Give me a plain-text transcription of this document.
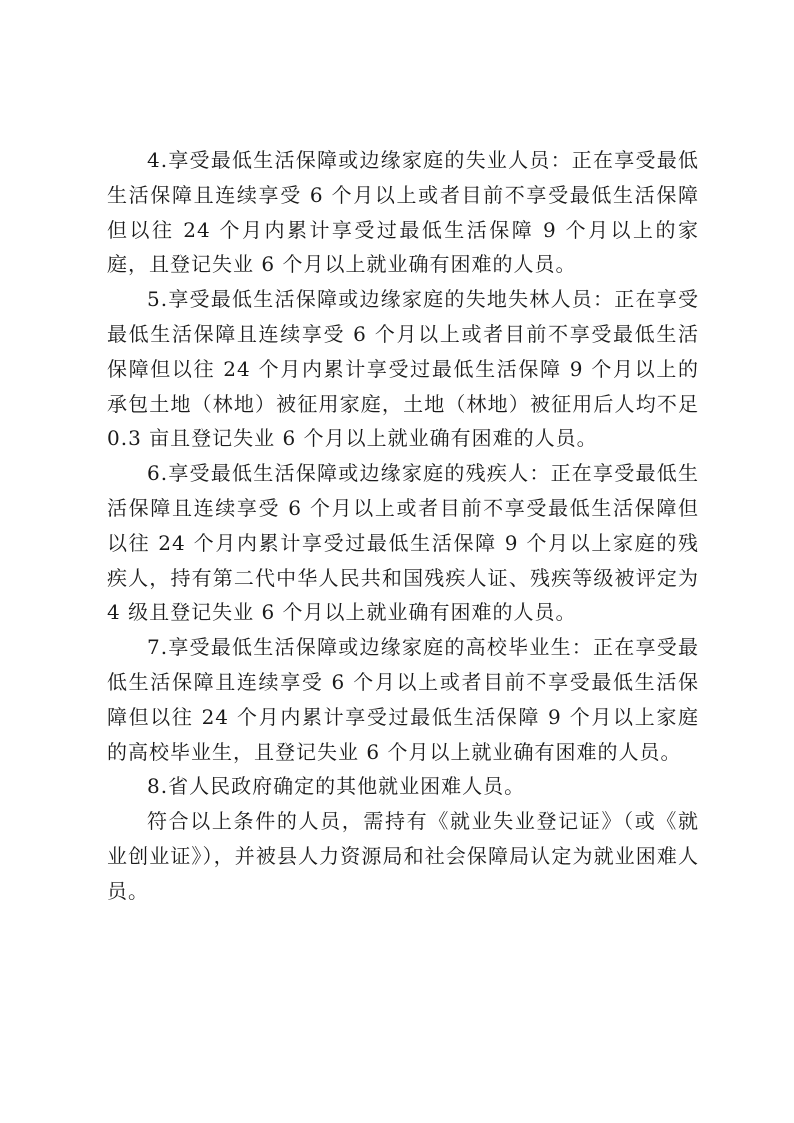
4.享受最低生活保障或边缘家庭的失业人员：正在享受最低生活保障且连续享受 6 个月以上或者目前不享受最低生活保障但以往 24 个月内累计享受过最低生活保障 9 个月以上的家庭，且登记失业 6 个月以上就业确有困难的人员。

5.享受最低生活保障或边缘家庭的失地失林人员：正在享受最低生活保障且连续享受 6 个月以上或者目前不享受最低生活保障但以往 24 个月内累计享受过最低生活保障 9 个月以上的承包土地（林地）被征用家庭，土地（林地）被征用后人均不足 0.3 亩且登记失业 6 个月以上就业确有困难的人员。

6.享受最低生活保障或边缘家庭的残疾人：正在享受最低生活保障且连续享受 6 个月以上或者目前不享受最低生活保障但以往 24 个月内累计享受过最低生活保障 9 个月以上家庭的残疾人，持有第二代中华人民共和国残疾人证、残疾等级被评定为 4 级且登记失业 6 个月以上就业确有困难的人员。

7.享受最低生活保障或边缘家庭的高校毕业生：正在享受最低生活保障且连续享受 6 个月以上或者目前不享受最低生活保障但以往 24 个月内累计享受过最低生活保障 9 个月以上家庭的高校毕业生，且登记失业 6 个月以上就业确有困难的人员。

8.省人民政府确定的其他就业困难人员。

符合以上条件的人员，需持有《就业失业登记证》（或《就业创业证》），并被县人力资源局和社会保障局认定为就业困难人员。
